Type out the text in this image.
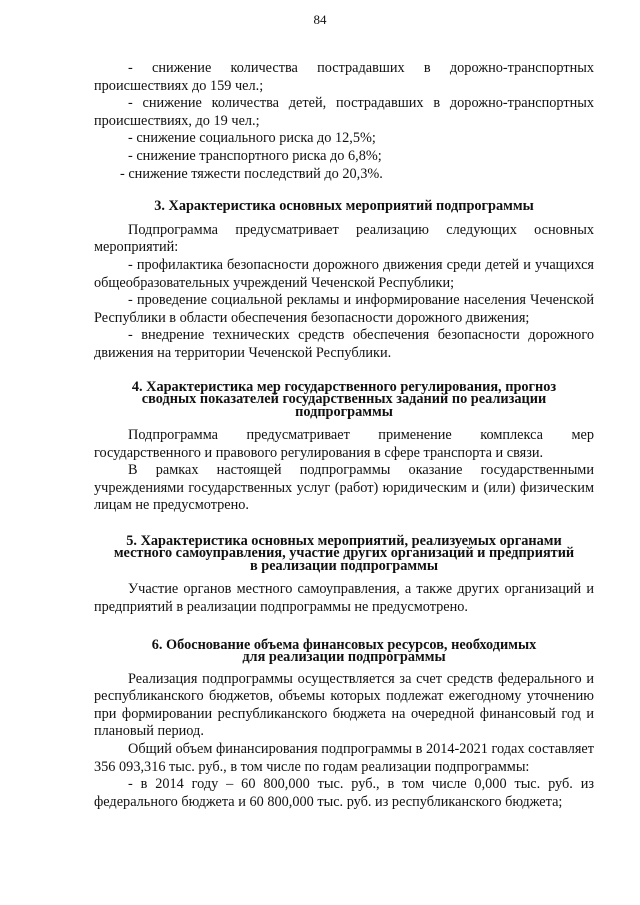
84

- снижение количества пострадавших в дорожно-транспортных происшествиях до 159 чел.;

- снижение количества детей, пострадавших в дорожно-транспортных происшествиях, до 19 чел.;

- снижение социального риска до 12,5%;

- снижение транспортного риска до 6,8%;

- снижение тяжести последствий до 20,3%.

3. Характеристика основных мероприятий подпрограммы

Подпрограмма предусматривает реализацию следующих основных мероприятий:

- профилактика безопасности дорожного движения среди детей и учащихся общеобразовательных учреждений Чеченской Республики;

- проведение социальной рекламы и информирование населения Чеченской Республики в области обеспечения безопасности дорожного движения;

- внедрение технических средств обеспечения безопасности дорожного движения на территории Чеченской Республики.

4. Характеристика мер государственного регулирования, прогноз
сводных показателей государственных заданий по реализации
подпрограммы

Подпрограмма предусматривает применение комплекса мер государственного и правового регулирования в сфере транспорта и связи.

В рамках настоящей подпрограммы оказание государственными учреждениями государственных услуг (работ) юридическим и (или) физическим лицам не предусмотрено.

5. Характеристика основных мероприятий, реализуемых органами
местного самоуправления, участие других организаций и предприятий
в реализации подпрограммы

Участие органов местного самоуправления, а также других организаций и предприятий в реализации подпрограммы не предусмотрено.

6. Обоснование объема финансовых ресурсов, необходимых
для реализации подпрограммы

Реализация подпрограммы осуществляется за счет средств федерального и республиканского бюджетов, объемы которых подлежат ежегодному уточнению при формировании республиканского бюджета на очередной финансовый год и плановый период.

Общий объем финансирования подпрограммы в 2014-2021 годах составляет 356 093,316 тыс. руб., в том числе по годам реализации подпрограммы:

- в 2014 году – 60 800,000 тыс. руб., в том числе 0,000 тыс. руб. из федерального бюджета и 60 800,000 тыс. руб. из республиканского бюджета;
